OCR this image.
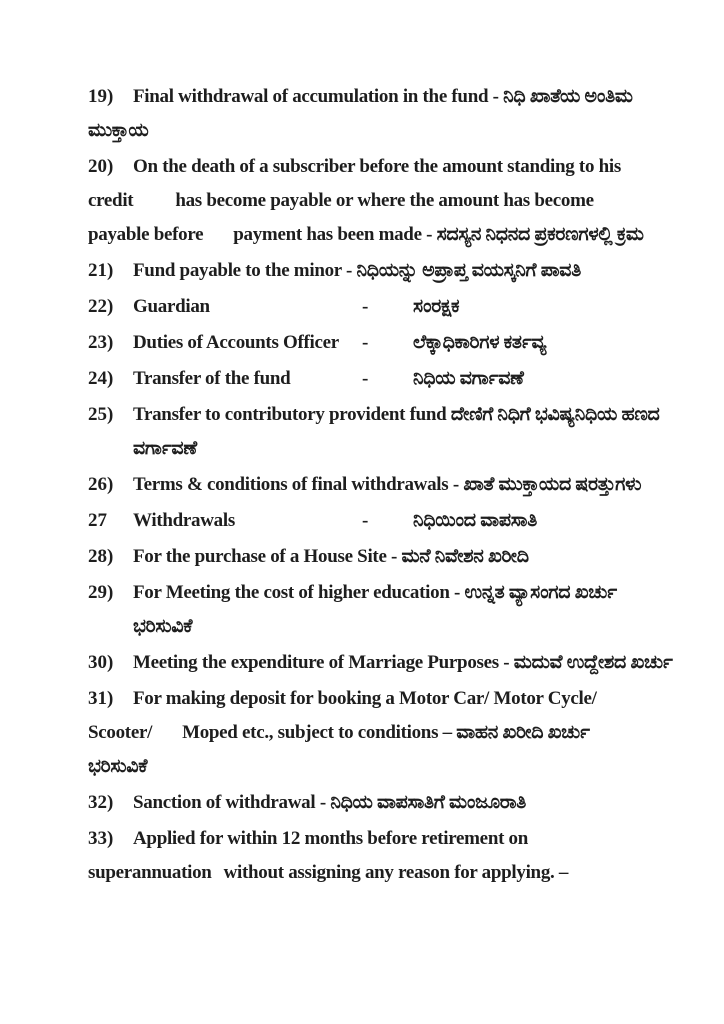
19) Final withdrawal of accumulation in the fund - ನಿಧಿ ಖಾತೆಯ ಅಂತಿಮ
ಮುಕ್ತಾಯ
20) On the death of a subscriber before the amount standing to his
credit has become payable or where the amount has become
payable before payment has been made - ಸದಸ್ಯನ ನಿಧನದ ಪ್ರಕರಣಗಳಲ್ಲಿ ಕ್ರಮ
21) Fund payable to the minor - ನಿಧಿಯನ್ನು ಅಪ್ರಾಪ್ತ ವಯಸ್ಕನಿಗೆ ಪಾವತಿ
22) Guardian	- ಸಂರಕ್ಷಕ
23) Duties of Accounts Officer - ಲೆಕ್ಕಾಧಿಕಾರಿಗಳ ಕರ್ತವ್ಯ
24) Transfer of the fund	- ನಿಧಿಯ ವರ್ಗಾವಣೆ
25) Transfer to contributory provident fund ದೇಣಿಗೆ ನಿಧಿಗೆ ಭವಿಷ್ಯನಿಧಿಯ ಹಣದ
ವರ್ಗಾವಣೆ
26) Terms & conditions of final withdrawals - ಖಾತೆ ಮುಕ್ತಾಯದ ಷರತ್ತುಗಳು
27 Withdrawals	- ನಿಧಿಯಿಂದ ವಾಪಸಾತಿ
28) For the purchase of a House Site - ಮನೆ ನಿವೇಶನ ಖರೀದಿ
29) For Meeting the cost of higher education - ಉನ್ನತ ವ್ಯಾಸಂಗದ ಖರ್ಚು
ಭರಿಸುವಿಕೆ
30) Meeting the expenditure of Marriage Purposes - ಮದುವೆ ಉದ್ದೇಶದ ಖರ್ಚು
31) For making deposit for booking a Motor Car/ Motor Cycle/
Scooter/ Moped etc., subject to conditions – ವಾಹನ ಖರೀದಿ ಖರ್ಚು
ಭರಿಸುವಿಕೆ
32) Sanction of withdrawal - ನಿಧಿಯ ವಾಪಸಾತಿಗೆ ಮಂಜೂರಾತಿ
33) Applied for within 12 months before retirement on
superannuation without assigning any reason for applying. –
